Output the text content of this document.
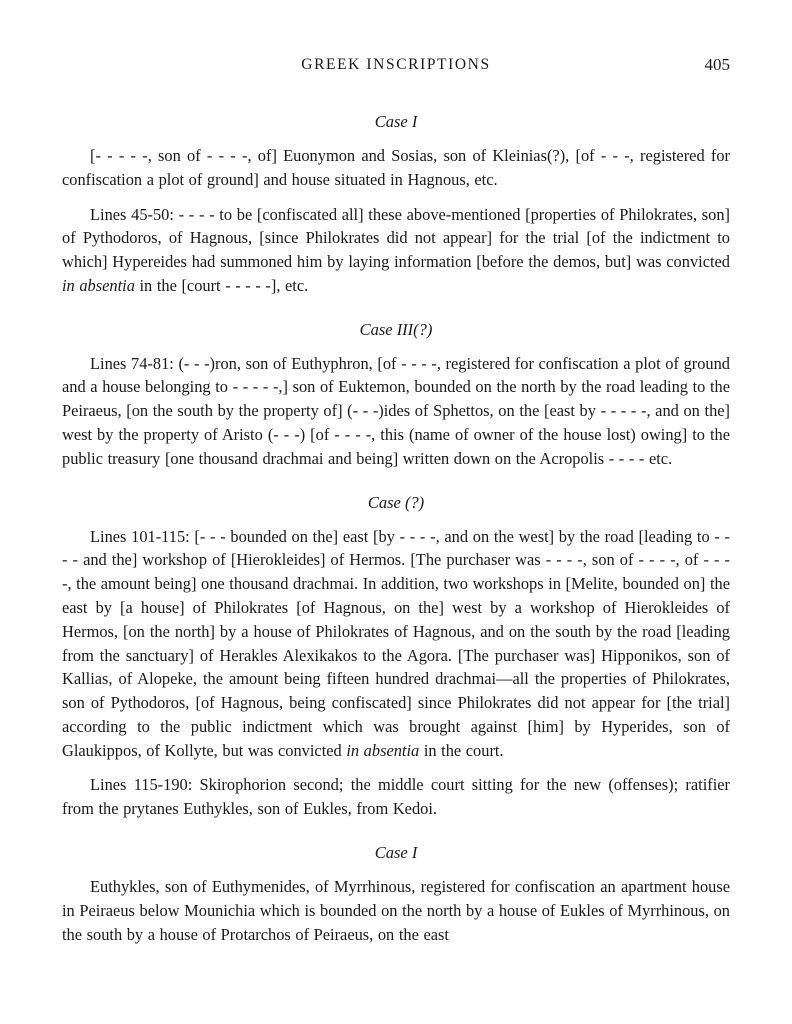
GREEK INSCRIPTIONS	405
Case I

[- - - - -, son of - - - -, of] Euonymon and Sosias, son of Kleinias(?), [of - - -, registered for confiscation a plot of ground] and house situated in Hagnous, etc.

Lines 45-50: - - - - to be [confiscated all] these above-mentioned [properties of Philokrates, son] of Pythodoros, of Hagnous, [since Philokrates did not appear] for the trial [of the indictment to which] Hypereides had summoned him by laying information [before the demos, but] was convicted in absentia in the [court - - - - -], etc.

Case III(?)

Lines 74-81: (- - -)ron, son of Euthyphron, [of - - - -, registered for confiscation a plot of ground and a house belonging to - - - - -,] son of Euktemon, bounded on the north by the road leading to the Peiraeus, [on the south by the property of] (- - -)ides of Sphettos, on the [east by - - - - -, and on the] west by the property of Aristo (- - -) [of - - - -, this (name of owner of the house lost) owing] to the public treasury [one thousand drachmai and being] written down on the Acropolis - - - - etc.

Case (?)

Lines 101-115: [- - - bounded on the] east [by - - - -, and on the west] by the road [leading to - - - - and the] workshop of [Hierokleides] of Hermos. [The purchaser was - - - -, son of - - - -, of - - - -, the amount being] one thousand drachmai. In addition, two workshops in [Melite, bounded on] the east by [a house] of Philokrates [of Hagnous, on the] west by a workshop of Hierokleides of Hermos, [on the north] by a house of Philokrates of Hagnous, and on the south by the road [leading from the sanctuary] of Herakles Alexikakos to the Agora. [The purchaser was] Hipponikos, son of Kallias, of Alopeke, the amount being fifteen hundred drachmai—all the properties of Philokrates, son of Pythodoros, [of Hagnous, being confiscated] since Philokrates did not appear for [the trial] according to the public indictment which was brought against [him] by Hyperides, son of Glaukippos, of Kollyte, but was convicted in absentia in the court.

Lines 115-190: Skirophorion second; the middle court sitting for the new (offenses); ratifier from the prytanes Euthykles, son of Eukles, from Kedoi.

Case I

Euthykles, son of Euthymenides, of Myrrhinous, registered for confiscation an apartment house in Peiraeus below Mounichia which is bounded on the north by a house of Eukles of Myrrhinous, on the south by a house of Protarchos of Peiraeus, on the east
